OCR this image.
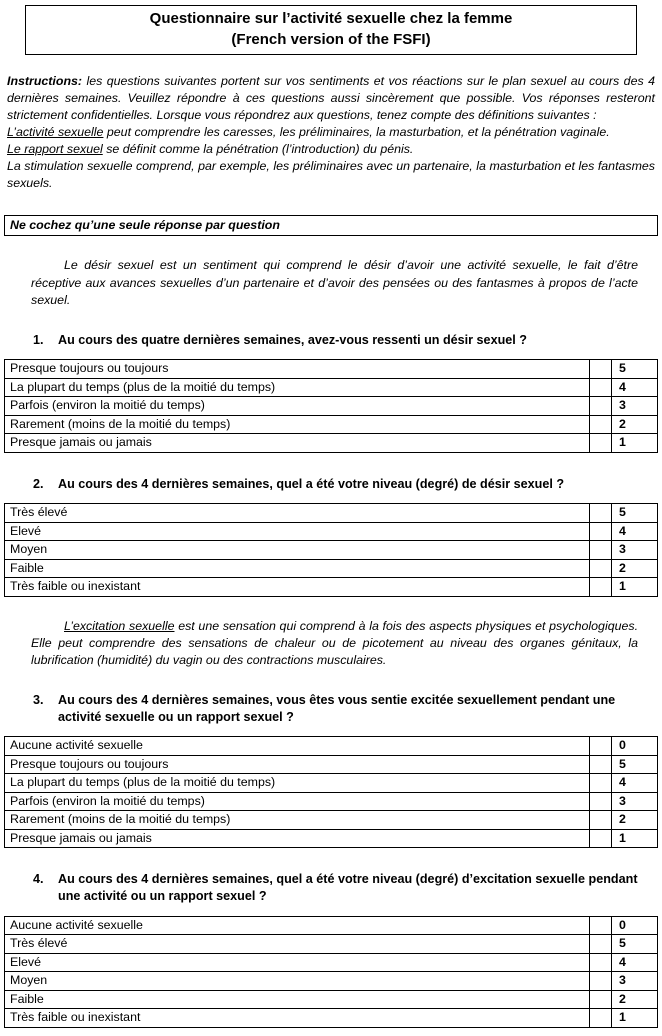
Questionnaire sur l’activité sexuelle chez la femme
(French version of the FSFI)
Instructions: les questions suivantes portent sur vos sentiments et vos réactions sur le plan sexuel au cours des 4 dernières semaines. Veuillez répondre à ces questions aussi sincèrement que possible. Vos réponses resteront strictement confidentielles. Lorsque vous répondrez aux questions, tenez compte des définitions suivantes :
L’activité sexuelle peut comprendre les caresses, les préliminaires, la masturbation, et la pénétration vaginale.
Le rapport sexuel se définit comme la pénétration (l’introduction) du pénis.
La stimulation sexuelle comprend, par exemple, les préliminaires avec un partenaire, la masturbation et les fantasmes sexuels.
Ne cochez qu’une seule réponse par question
Le désir sexuel est un sentiment qui comprend le désir d’avoir une activité sexuelle, le fait d’être réceptive aux avances sexuelles d’un partenaire et d’avoir des pensées ou des fantasmes à propos de l’acte sexuel.
1.	Au cours des quatre dernières semaines, avez-vous ressenti un désir sexuel ?
Presque toujours ou toujours		5
La plupart du temps (plus de la moitié du temps)		4
Parfois (environ la moitié du temps)		3
Rarement (moins de la moitié du temps)		2
Presque jamais ou jamais		1
2.	Au cours des 4 dernières semaines, quel a été votre niveau (degré) de désir sexuel ?
Très élevé		5
Elevé		4
Moyen		3
Faible		2
Très faible ou inexistant		1
L’excitation sexuelle est une sensation qui comprend à la fois des aspects physiques et psychologiques. Elle peut comprendre des sensations de chaleur ou de picotement au niveau des organes génitaux, la lubrification (humidité) du vagin ou des contractions musculaires.
3.	Au cours des 4 dernières semaines, vous êtes vous sentie excitée sexuellement pendant une activité sexuelle ou un rapport sexuel ?
Aucune activité sexuelle		0
Presque toujours ou toujours		5
La plupart du temps (plus de la moitié du temps)		4
Parfois (environ la moitié du temps)		3
Rarement (moins de la moitié du temps)		2
Presque jamais ou jamais		1
4.	Au cours des 4 dernières semaines, quel a été votre niveau (degré) d’excitation sexuelle pendant une activité ou un rapport sexuel ?
Aucune activité sexuelle		0
Très élevé		5
Elevé		4
Moyen		3
Faible		2
Très faible ou inexistant		1
